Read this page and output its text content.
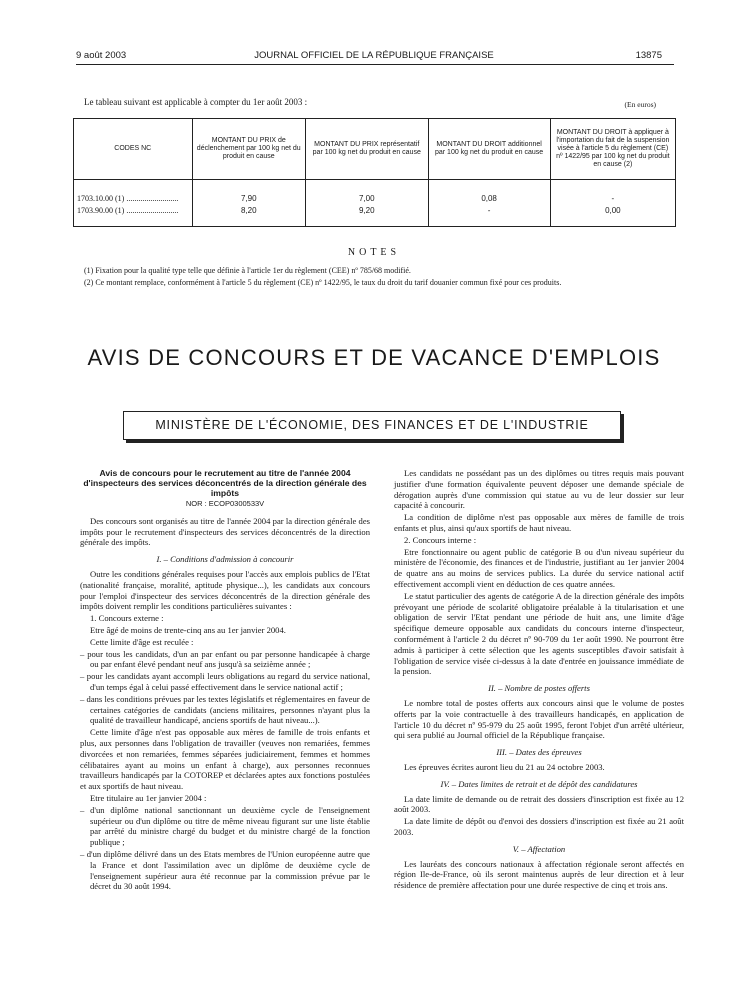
9 août 2003	JOURNAL OFFICIEL DE LA RÉPUBLIQUE FRANÇAISE	13875
Le tableau suivant est applicable à compter du 1er août 2003 :	(En euros)
CODES NC	MONTANT DU PRIX de déclenchement par 100 kg net du produit en cause	MONTANT DU PRIX représentatif par 100 kg net du produit en cause	MONTANT DU DROIT additionnel par 100 kg net du produit en cause	MONTANT DU DROIT à appliquer à l'importation du fait de la suspension visée à l'article 5 du règlement (CE) nº 1422/95 par 100 kg net du produit en cause (2)
1703.10.00 (1) ..........................	7,90	7,00	0,08	-
1703.90.00 (1) ..........................	8,20	9,20	-	0,00
NOTES
(1) Fixation pour la qualité type telle que définie à l'article 1er du règlement (CEE) nº 785/68 modifié.
(2) Ce montant remplace, conformément à l'article 5 du règlement (CE) nº 1422/95, le taux du droit du tarif douanier commun fixé pour ces produits.
AVIS DE CONCOURS ET DE VACANCE D'EMPLOIS
MINISTÈRE DE L'ÉCONOMIE, DES FINANCES ET DE L'INDUSTRIE

Avis de concours pour le recrutement au titre de l'année 2004 d'inspecteurs des services déconcentrés de la direction générale des impôts

NOR : ECOP0300533V

Des concours sont organisés au titre de l'année 2004 par la direction générale des impôts pour le recrutement d'inspecteurs des services déconcentrés de la direction générale des impôts.

I. – Conditions d'admission à concourir

Outre les conditions générales requises pour l'accès aux emplois publics de l'Etat (nationalité française, moralité, aptitude physique...), les candidats aux concours pour l'emploi d'inspecteur des services déconcentrés de la direction générale des impôts doivent remplir les conditions particulières suivantes :

1. Concours externe :

Etre âgé de moins de trente-cinq ans au 1er janvier 2004.

Cette limite d'âge est reculée :

– pour tous les candidats, d'un an par enfant ou par personne handicapée à charge ou par enfant élevé pendant neuf ans jusqu'à sa seizième année ;

– pour les candidats ayant accompli leurs obligations au regard du service national, d'un temps égal à celui passé effectivement dans le service national actif ;

– dans les conditions prévues par les textes législatifs et réglementaires en faveur de certaines catégories de candidats (anciens militaires, personnes n'ayant plus la qualité de travailleur handicapé, anciens sportifs de haut niveau...).

Cette limite d'âge n'est pas opposable aux mères de famille de trois enfants et plus, aux personnes dans l'obligation de travailler (veuves non remariées, femmes divorcées et non remariées, femmes séparées judiciairement, femmes et hommes célibataires ayant au moins un enfant à charge), aux personnes reconnues travailleurs handicapés par la COTOREP et déclarées aptes aux fonctions postulées et aux sportifs de haut niveau.

Etre titulaire au 1er janvier 2004 :

– d'un diplôme national sanctionnant un deuxième cycle de l'enseignement supérieur ou d'un diplôme ou titre de même niveau figurant sur une liste établie par arrêté du ministre chargé du budget et du ministre chargé de la fonction publique ;

– d'un diplôme délivré dans un des Etats membres de l'Union européenne autre que la France et dont l'assimilation avec un diplôme de deuxième cycle de l'enseignement supérieur aura été reconnue par la commission prévue par le décret du 30 août 1994.

Les candidats ne possédant pas un des diplômes ou titres requis mais pouvant justifier d'une formation équivalente peuvent déposer une demande spéciale de dérogation auprès d'une commission qui statue au vu de leur dossier sur leur capacité à concourir.

La condition de diplôme n'est pas opposable aux mères de famille de trois enfants et plus, ainsi qu'aux sportifs de haut niveau.

2. Concours interne :

Etre fonctionnaire ou agent public de catégorie B ou d'un niveau supérieur du ministère de l'économie, des finances et de l'industrie, justifiant au 1er janvier 2004 de quatre ans au moins de services publics. La durée du service national actif effectivement accompli vient en déduction de ces quatre années.

Le statut particulier des agents de catégorie A de la direction générale des impôts prévoyant une période de scolarité obligatoire préalable à la titularisation et une obligation de servir l'Etat pendant une période de huit ans, une limite d'âge spécifique demeure opposable aux candidats du concours interne d'inspecteur, conformément à l'article 2 du décret nº 90-709 du 1er août 1990. Ne pourront être admis à participer à cette sélection que les agents susceptibles d'avoir satisfait à l'obligation de service visée ci-dessus à la date d'entrée en jouissance immédiate de la pension.

II. – Nombre de postes offerts

Le nombre total de postes offerts aux concours ainsi que le volume de postes offerts par la voie contractuelle à des travailleurs handicapés, en application de l'article 10 du décret nº 95-979 du 25 août 1995, feront l'objet d'un arrêté ultérieur, qui sera publié au Journal officiel de la République française.

III. – Dates des épreuves

Les épreuves écrites auront lieu du 21 au 24 octobre 2003.

IV. – Dates limites de retrait et de dépôt des candidatures

La date limite de demande ou de retrait des dossiers d'inscription est fixée au 12 août 2003.

La date limite de dépôt ou d'envoi des dossiers d'inscription est fixée au 21 août 2003.

V. – Affectation

Les lauréats des concours nationaux à affectation régionale seront affectés en région Ile-de-France, où ils seront maintenus auprès de leur direction et à leur résidence de première affectation pour une durée respective de cinq et trois ans.
